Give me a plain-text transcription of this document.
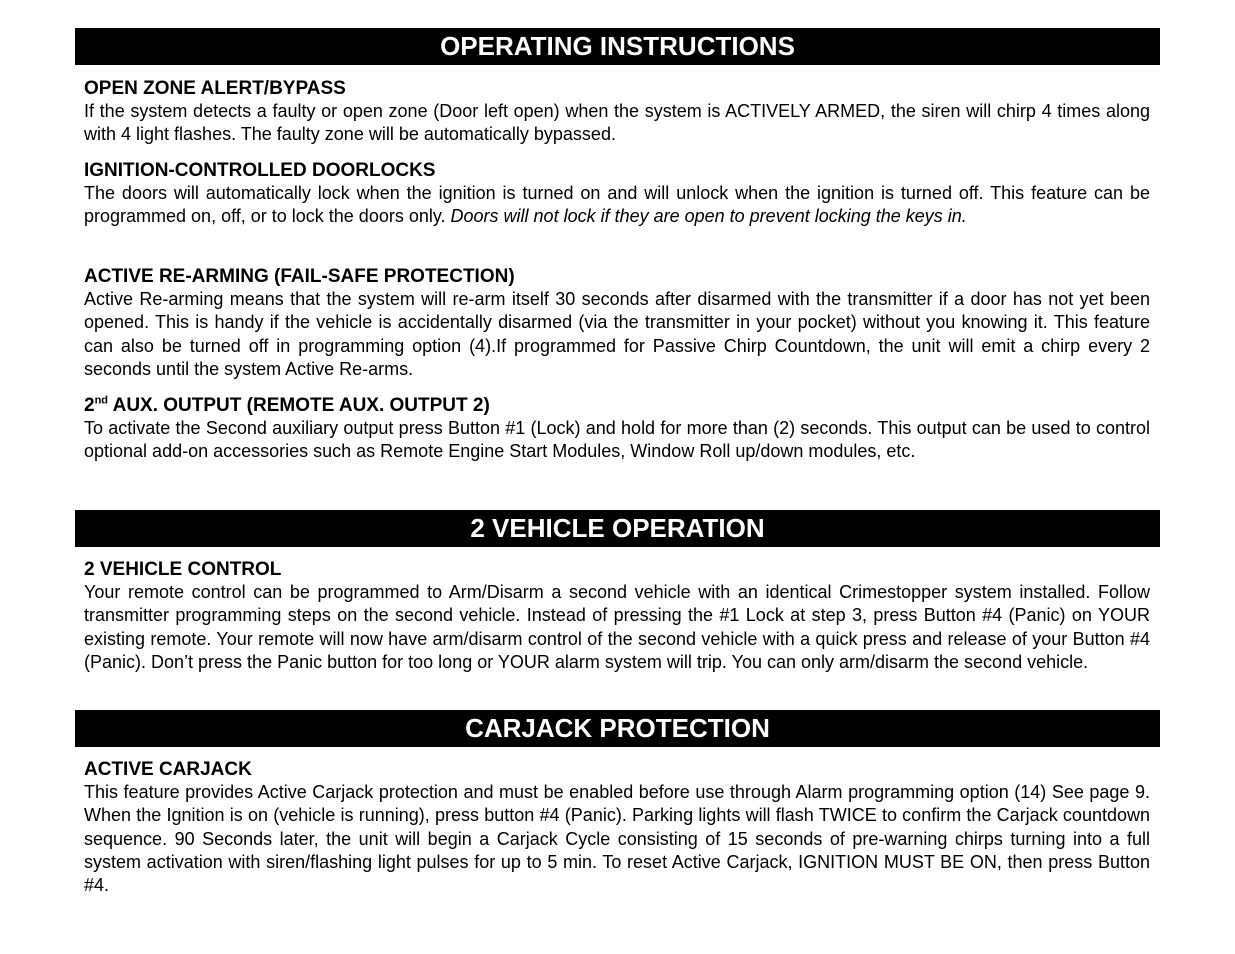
OPERATING INSTRUCTIONS

OPEN ZONE ALERT/BYPASS

If the system detects a faulty or open zone (Door left open) when the system is ACTIVELY ARMED, the siren will chirp 4 times along with 4 light flashes. The faulty zone will be automatically bypassed.

IGNITION-CONTROLLED DOORLOCKS

The doors will automatically lock when the ignition is turned on and will unlock when the ignition is turned off. This feature can be programmed on, off, or to lock the doors only. Doors will not lock if they are open to prevent locking the keys in.

ACTIVE RE-ARMING (FAIL-SAFE PROTECTION)

Active Re-arming means that the system will re-arm itself 30 seconds after disarmed with the transmitter if a door has not yet been opened. This is handy if the vehicle is accidentally disarmed (via the transmitter in your pocket) without you knowing it. This feature can also be turned off in programming option (4).If programmed for Passive Chirp Countdown, the unit will emit a chirp every 2 seconds until the system Active Re-arms.

2nd AUX. OUTPUT (REMOTE AUX. OUTPUT 2)

To activate the Second auxiliary output press Button #1 (Lock) and hold for more than (2) seconds. This output can be used to control optional add-on accessories such as Remote Engine Start Modules, Window Roll up/down modules, etc.

2 VEHICLE OPERATION

2 VEHICLE CONTROL

Your remote control can be programmed to Arm/Disarm a second vehicle with an identical Crimestopper system installed. Follow transmitter programming steps on the second vehicle. Instead of pressing the #1 Lock at step 3, press Button #4 (Panic) on YOUR existing remote. Your remote will now have arm/disarm control of the second vehicle with a quick press and release of your Button #4 (Panic). Don’t press the Panic button for too long or YOUR alarm system will trip. You can only arm/disarm the second vehicle.

CARJACK PROTECTION

ACTIVE CARJACK

This feature provides Active Carjack protection and must be enabled before use through Alarm programming option (14) See page 9. When the Ignition is on (vehicle is running), press button #4 (Panic). Parking lights will flash TWICE to confirm the Carjack countdown sequence. 90 Seconds later, the unit will begin a Carjack Cycle consisting of 15 seconds of pre-warning chirps turning into a full system activation with siren/flashing light pulses for up to 5 min. To reset Active Carjack, IGNITION MUST BE ON, then press Button #4.
